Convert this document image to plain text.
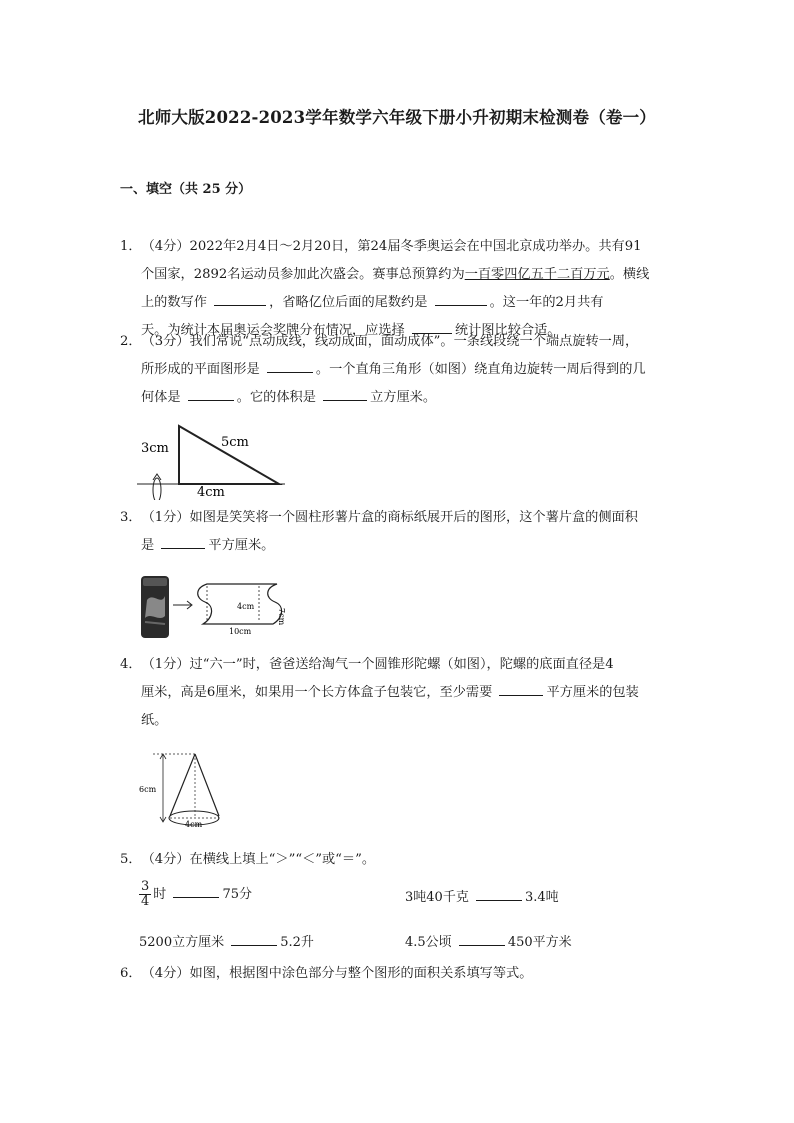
北师大版2022-2023学年数学六年级下册小升初期末检测卷（卷一）
一、填空（共 25 分）

1．（4分）2022年2月4日～2月20日，第24届冬季奥运会在中国北京成功举办。共有91

个国家，2892名运动员参加此次盛会。赛事总预算约为一百零四亿五千二百万元。横线

上的数写作	，省略亿位后面的尾数约是	。这一年的2月共有

天。为统计本届奥运会奖牌分布情况，应选择	统计图比较合适。

2．（3分）我们常说“点动成线，线动成面，面动成体”。一条线段绕一个端点旋转一周，

所形成的平面图形是	。一个直角三角形（如图）绕直角边旋转一周后得到的几

何体是	。它的体积是	立方厘米。

3cm	5cm
4cm

3．（1分）如图是笑笑将一个圆柱形薯片盒的商标纸展开后的图形，这个薯片盒的侧面积

是	平方厘米。

4cm
10cm
7cm

4．（1分）过“六一”时，爸爸送给淘气一个圆锥形陀螺（如图），陀螺的底面直径是4

厘米，高是6厘米，如果用一个长方体盒子包装它，至少需要	平方厘米的包装

纸。

6cm
4cm

5．（4分）在横线上填上“＞”“＜”或“＝”。

$\frac{3}{4}$ 时	75分	3吨40千克	3.4吨
5200立方厘米	5.2升	4.5公顷	450平方米

6．（4分）如图，根据图中涂色部分与整个图形的面积关系填写等式。
